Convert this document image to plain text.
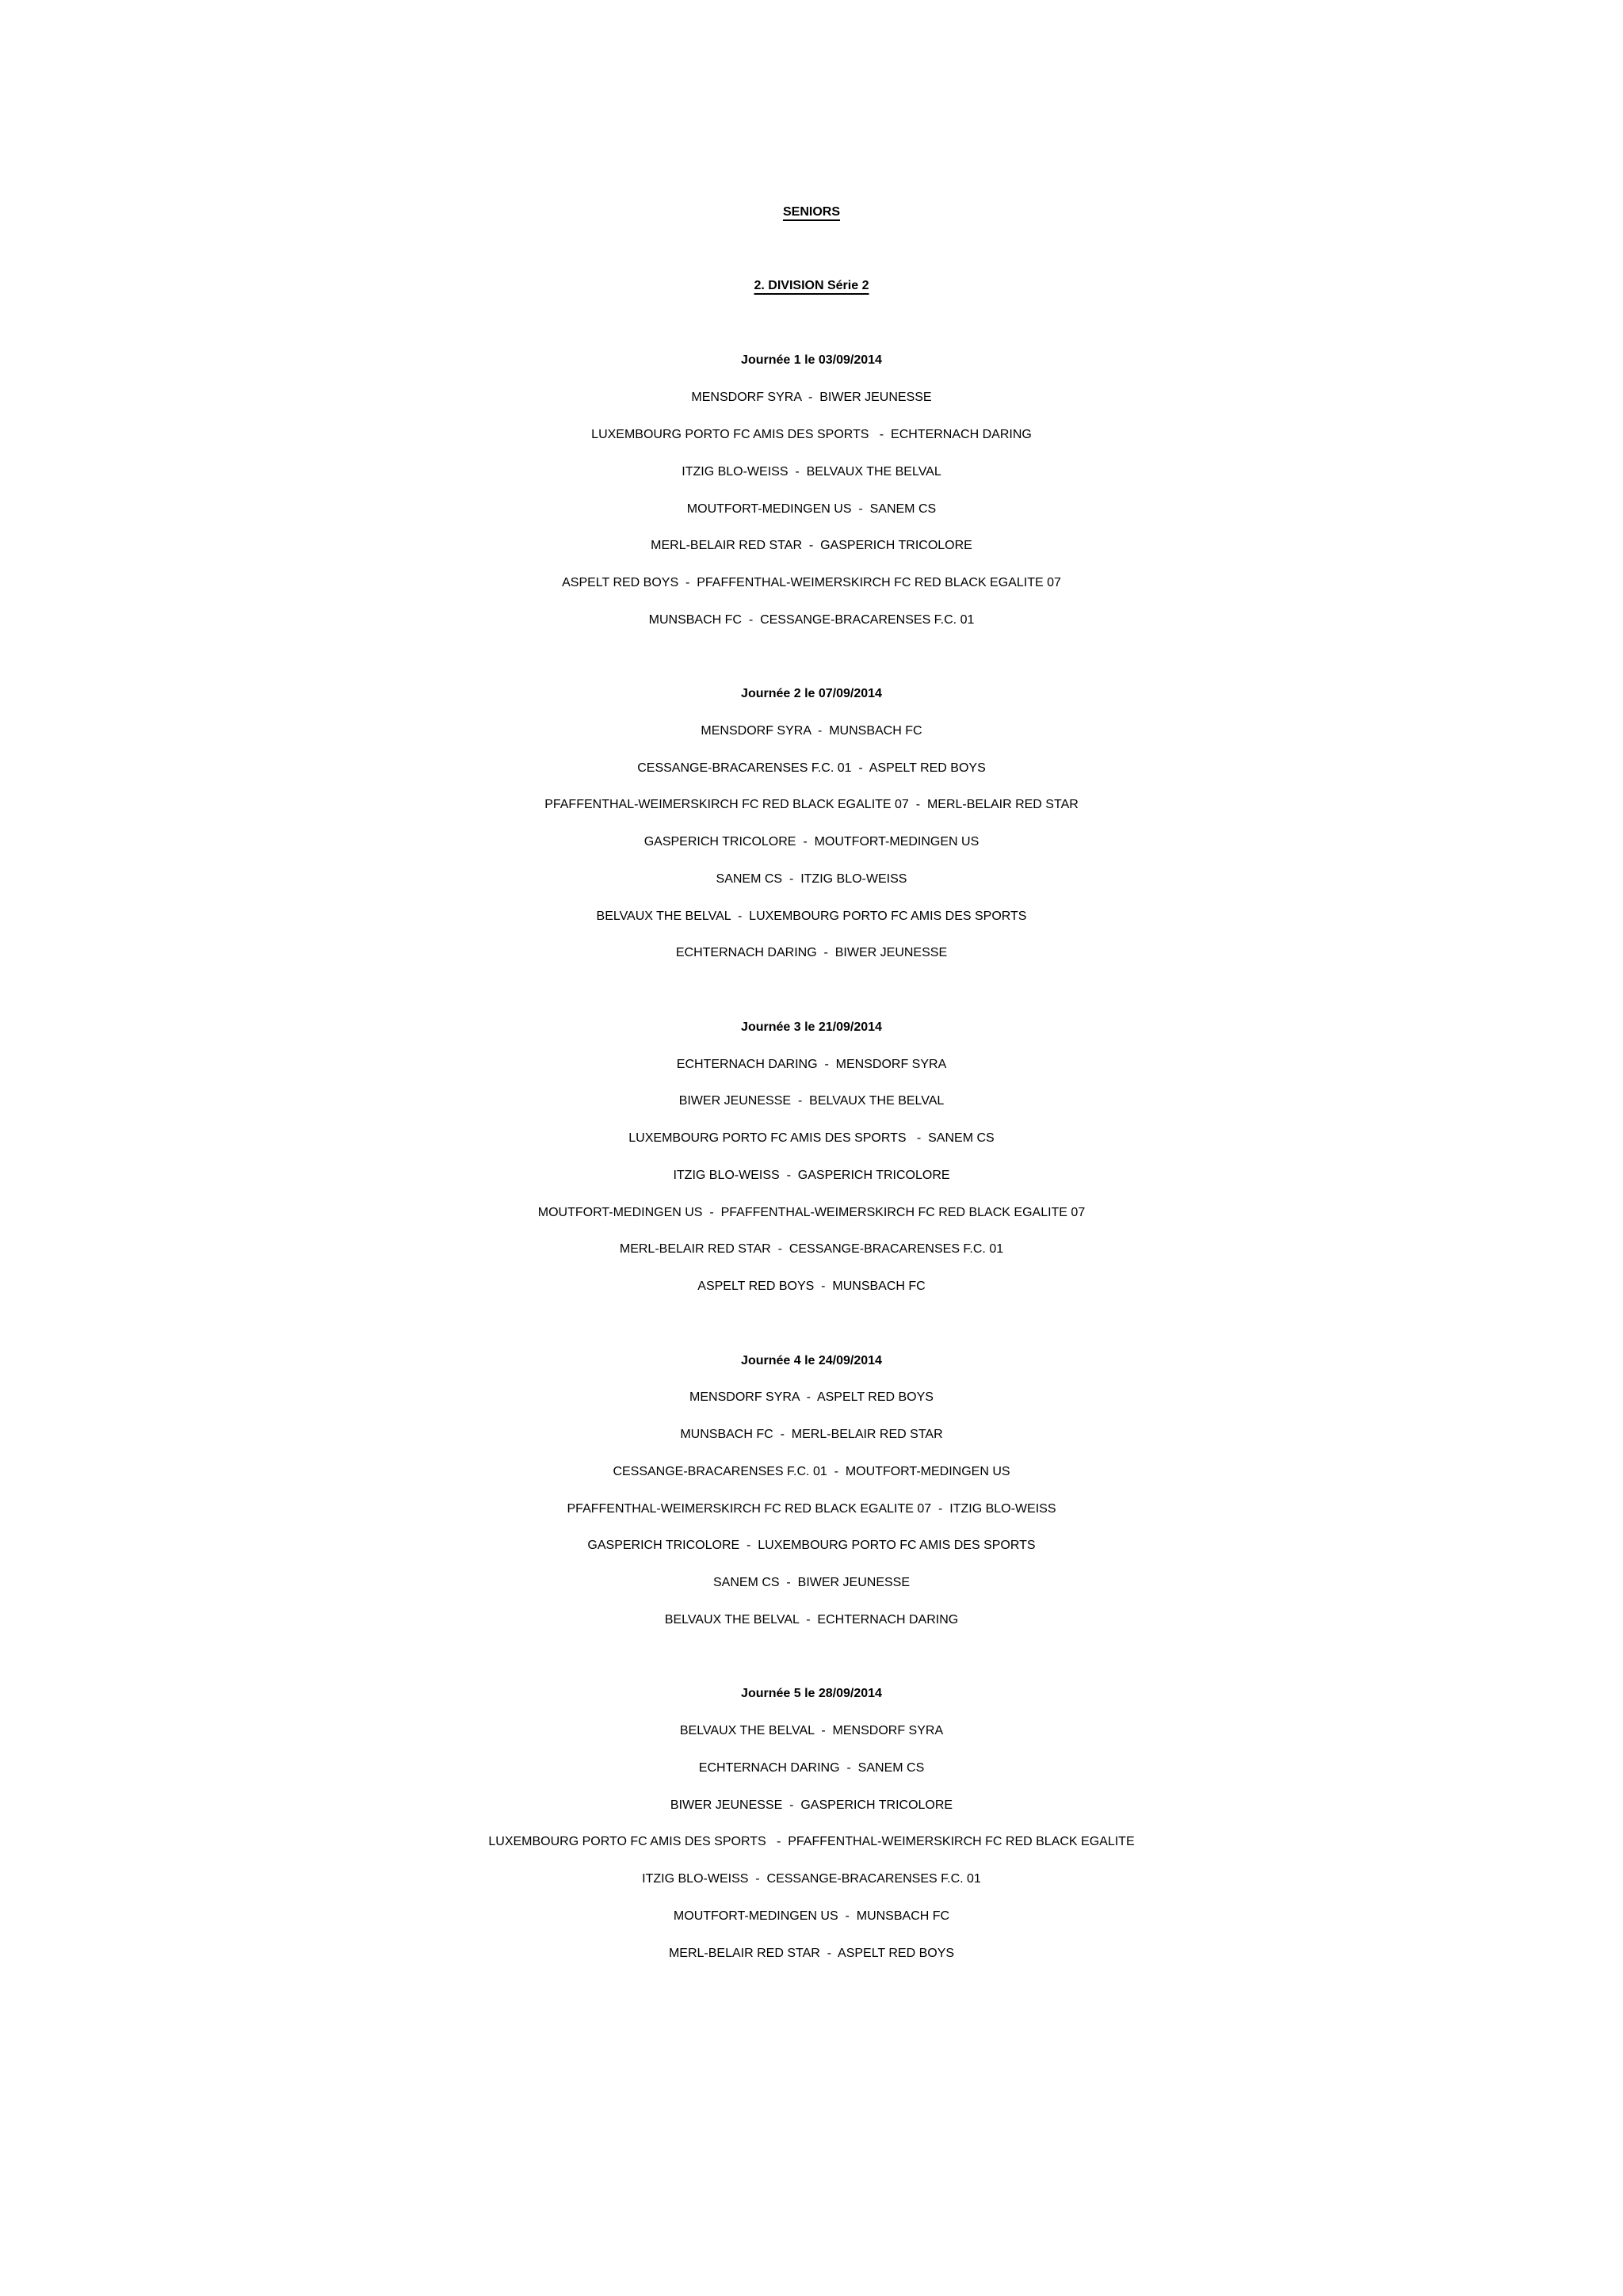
SENIORS
2. DIVISION Série 2
Journée 1 le 03/09/2014
MENSDORF SYRA  -  BIWER JEUNESSE
LUXEMBOURG PORTO FC AMIS DES SPORTS   -  ECHTERNACH DARING
ITZIG BLO-WEISS  -  BELVAUX THE BELVAL
MOUTFORT-MEDINGEN US  -  SANEM CS
MERL-BELAIR RED STAR  -  GASPERICH TRICOLORE
ASPELT RED BOYS  -  PFAFFENTHAL-WEIMERSKIRCH FC RED BLACK EGALITE 07
MUNSBACH FC  -  CESSANGE-BRACARENSES F.C. 01
Journée 2 le 07/09/2014
MENSDORF SYRA  -  MUNSBACH FC
CESSANGE-BRACARENSES F.C. 01  -  ASPELT RED BOYS
PFAFFENTHAL-WEIMERSKIRCH FC RED BLACK EGALITE 07  -  MERL-BELAIR RED STAR
GASPERICH TRICOLORE  -  MOUTFORT-MEDINGEN US
SANEM CS  -  ITZIG BLO-WEISS
BELVAUX THE BELVAL  -  LUXEMBOURG PORTO FC AMIS DES SPORTS
ECHTERNACH DARING  -  BIWER JEUNESSE
Journée 3 le 21/09/2014
ECHTERNACH DARING  -  MENSDORF SYRA
BIWER JEUNESSE  -  BELVAUX THE BELVAL
LUXEMBOURG PORTO FC AMIS DES SPORTS   -  SANEM CS
ITZIG BLO-WEISS  -  GASPERICH TRICOLORE
MOUTFORT-MEDINGEN US  -  PFAFFENTHAL-WEIMERSKIRCH FC RED BLACK EGALITE 07
MERL-BELAIR RED STAR  -  CESSANGE-BRACARENSES F.C. 01
ASPELT RED BOYS  -  MUNSBACH FC
Journée 4 le 24/09/2014
MENSDORF SYRA  -  ASPELT RED BOYS
MUNSBACH FC  -  MERL-BELAIR RED STAR
CESSANGE-BRACARENSES F.C. 01  -  MOUTFORT-MEDINGEN US
PFAFFENTHAL-WEIMERSKIRCH FC RED BLACK EGALITE 07  -  ITZIG BLO-WEISS
GASPERICH TRICOLORE  -  LUXEMBOURG PORTO FC AMIS DES SPORTS
SANEM CS  -  BIWER JEUNESSE
BELVAUX THE BELVAL  -  ECHTERNACH DARING
Journée 5 le 28/09/2014
BELVAUX THE BELVAL  -  MENSDORF SYRA
ECHTERNACH DARING  -  SANEM CS
BIWER JEUNESSE  -  GASPERICH TRICOLORE
LUXEMBOURG PORTO FC AMIS DES SPORTS   -  PFAFFENTHAL-WEIMERSKIRCH FC RED BLACK EGALITE
ITZIG BLO-WEISS  -  CESSANGE-BRACARENSES F.C. 01
MOUTFORT-MEDINGEN US  -  MUNSBACH FC
MERL-BELAIR RED STAR  -  ASPELT RED BOYS
